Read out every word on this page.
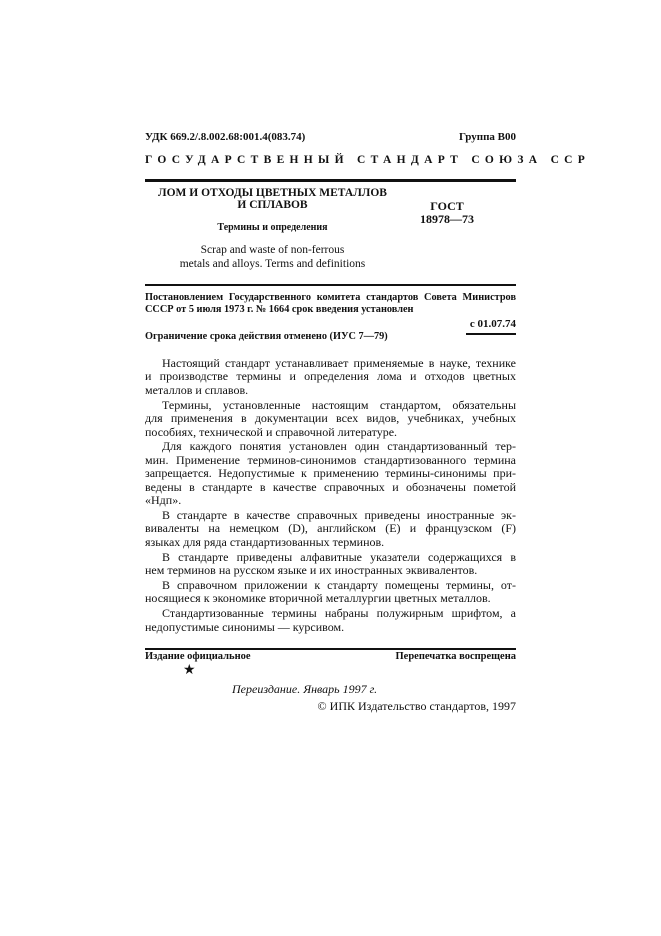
УДК 669.2/.8.002.68:001.4(083.74)	Группа В00
ГОСУДАРСТВЕННЫЙ СТАНДАРТ СОЮЗА ССР
ЛОМ И ОТХОДЫ ЦВЕТНЫХ МЕТАЛЛОВ
И СПЛАВОВ
Термины и определения
Scrap and waste of non-ferrous
metals and alloys. Terms and definitions
ГОСТ
18978—73
Постановлением Государственного комитета стандартов Совета Министров
СССР от 5 июля 1973 г. № 1664 срок введения установлен
с 01.07.74
Ограничение срока действия отменено (ИУС 7—79)
Настоящий стандарт устанавливает применяемые в науке, технике
и производстве термины и определения лома и отходов цветных
металлов и сплавов.
Термины, установленные настоящим стандартом, обязательны
для применения в документации всех видов, учебниках, учебных
пособиях, технической и справочной литературе.
Для каждого понятия установлен один стандартизованный тер-
мин. Применение терминов-синонимов стандартизованного термина
запрещается. Недопустимые к применению термины-синонимы при-
ведены в стандарте в качестве справочных и обозначены пометой
«Ндп».
В стандарте в качестве справочных приведены иностранные эк-
виваленты на немецком (D), английском (E) и французском (F)
языках для ряда стандартизованных терминов.
В стандарте приведены алфавитные указатели содержащихся в
нем терминов на русском языке и их иностранных эквивалентов.
В справочном приложении к стандарту помещены термины, от-
носящиеся к экономике вторичной металлургии цветных металлов.
Стандартизованные термины набраны полужирным шрифтом, а
недопустимые синонимы — курсивом.
Издание официальное	Перепечатка воспрещена
★
Переиздание. Январь 1997 г.
© ИПК Издательство стандартов, 1997
